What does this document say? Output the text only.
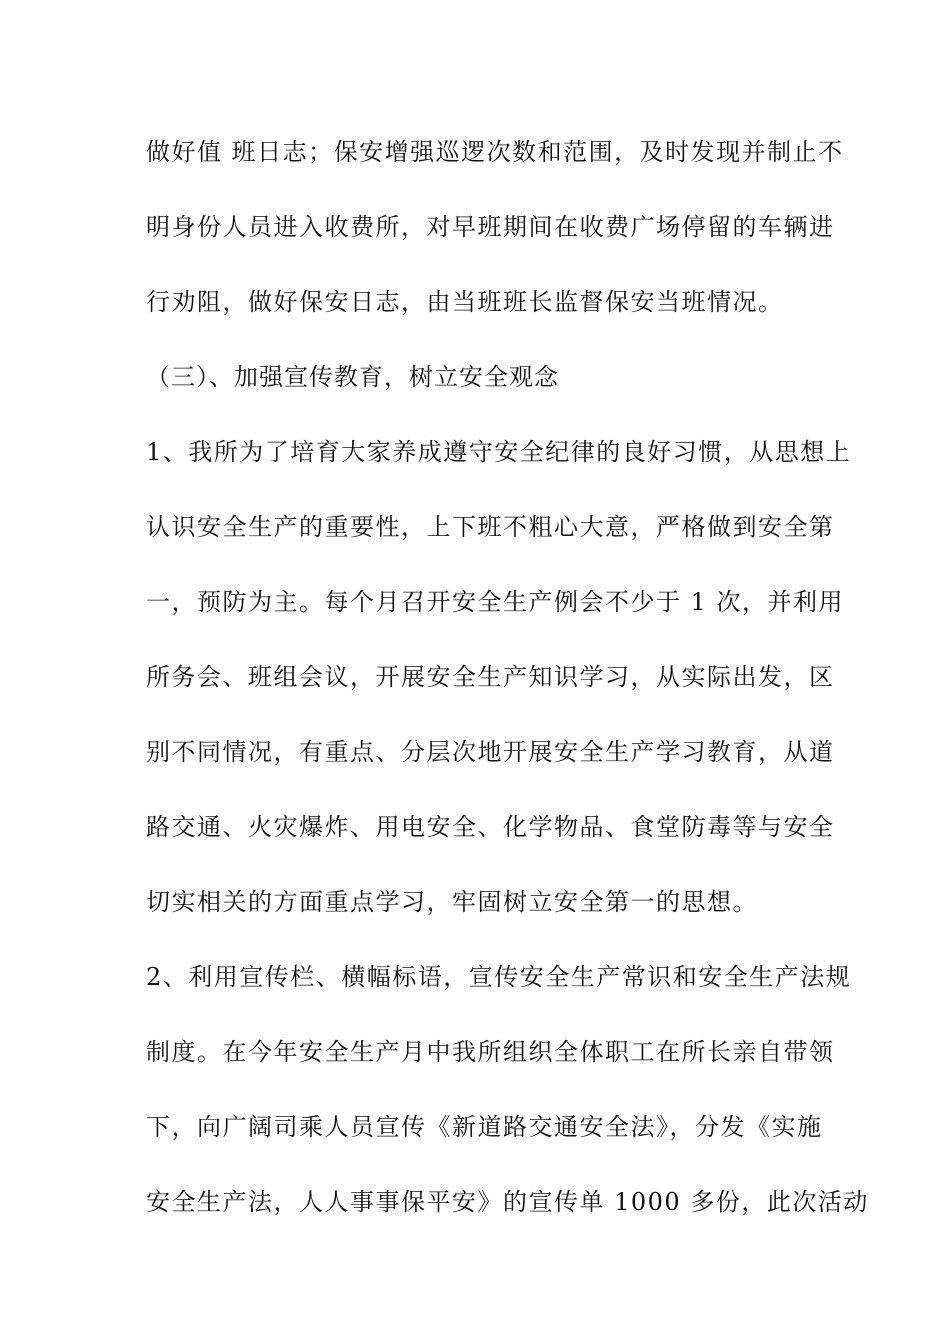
做好值 班日志；保安增强巡逻次数和范围，及时发现并制止不
明身份人员进入收费所，对早班期间在收费广场停留的车辆进
行劝阻，做好保安日志，由当班班长监督保安当班情况。
（三）、加强宣传教育，树立安全观念
1、我所为了培育大家养成遵守安全纪律的良好习惯，从思想上
认识安全生产的重要性，上下班不粗心大意，严格做到安全第
一，预防为主。每个月召开安全生产例会不少于 1 次，并利用
所务会、班组会议，开展安全生产知识学习，从实际出发，区
别不同情况，有重点、分层次地开展安全生产学习教育，从道
路交通、火灾爆炸、用电安全、化学物品、食堂防毒等与安全
切实相关的方面重点学习，牢固树立安全第一的思想。
2、利用宣传栏、横幅标语，宣传安全生产常识和安全生产法规
制度。在今年安全生产月中我所组织全体职工在所长亲自带领
下，向广阔司乘人员宣传《新道路交通安全法》，分发《实施
安全生产法，人人事事保平安》的宣传单 1000 多份，此次活动
